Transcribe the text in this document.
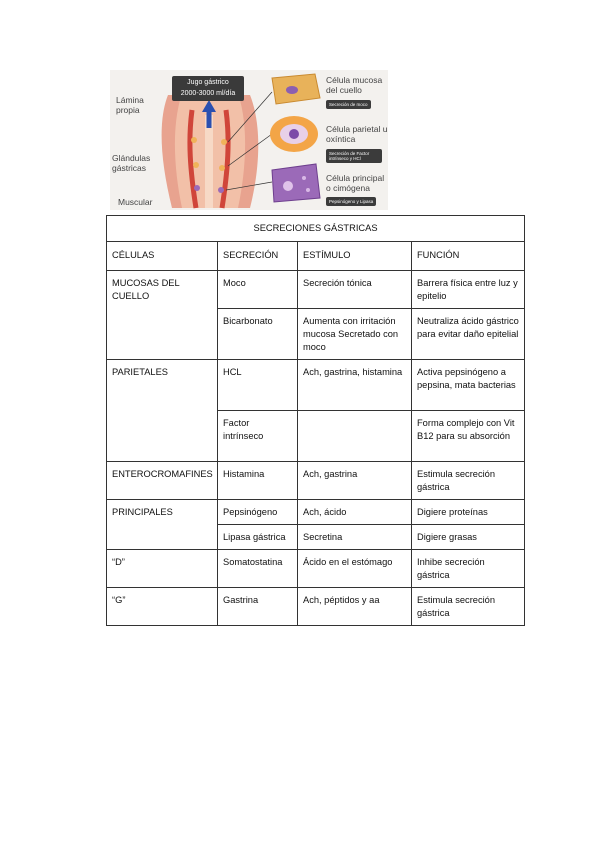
Jugo gástrico
2000-3000 ml/día
Lámina propia
Glándulas gástricas
Muscular
Célula mucosa del cuello
Secreción de moco
Célula parietal u oxíntica
Secreción de Factor intrínseco y HCl
Célula principal o cimógena
Pepsinógeno y Lipasa
SECRECIONES GÁSTRICAS			
CÉLULAS	SECRECIÓN	ESTÍMULO	FUNCIÓN
MUCOSAS DEL CUELLO	Moco	Secreción tónica	Barrera física entre luz y epitelio
	Bicarbonato	Aumenta con irritación mucosa Secretado con moco	Neutraliza ácido gástrico para evitar daño epitelial
PARIETALES	HCL	Ach, gastrina, histamina	Activa pepsinógeno a pepsina, mata bacterias
	Factor intrínseco		Forma complejo con Vit B12 para su absorción
ENTEROCROMAFINES	Histamina	Ach, gastrina	Estimula secreción gástrica
PRINCIPALES	Pepsinógeno	Ach, ácido	Digiere proteínas
	Lipasa gástrica	Secretina	Digiere grasas
“D”	Somatostatina	Ácido en el estómago	Inhibe secreción gástrica
“G”	Gastrina	Ach, péptidos y aa	Estimula secreción gástrica
